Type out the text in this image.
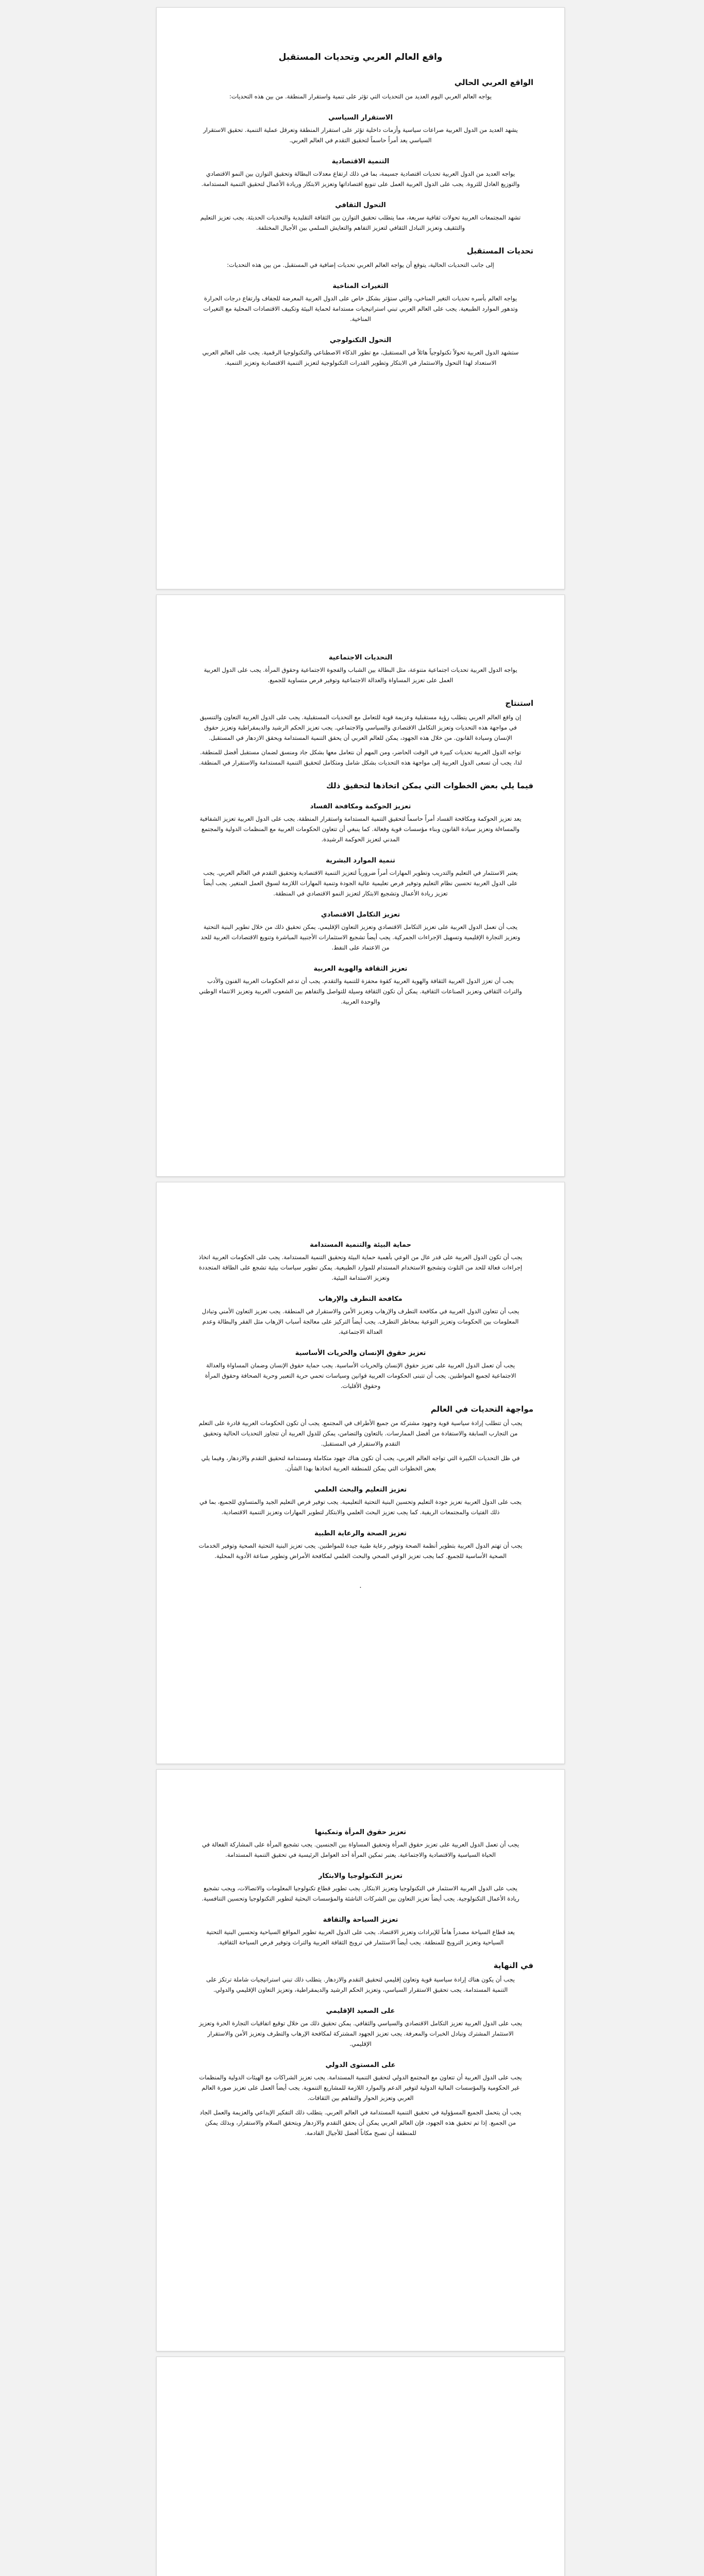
واقع العالم العربي وتحديات المستقبل
الواقع العربي الحالي
يواجه العالم العربي اليوم العديد من التحديات التي تؤثر على تنمية واستقرار المنطقة. من بين هذه التحديات:
الاستقرار السياسي
يشهد العديد من الدول العربية صراعات سياسية وأزمات داخلية تؤثر على استقرار المنطقة وتعرقل عملية التنمية. تحقيق الاستقرار السياسي يعد أمراً حاسماً لتحقيق التقدم في العالم العربي.
التنمية الاقتصادية
يواجه العديد من الدول العربية تحديات اقتصادية جسيمة، بما في ذلك ارتفاع معدلات البطالة وتحقيق التوازن بين النمو الاقتصادي والتوزيع العادل للثروة. يجب على الدول العربية العمل على تنويع اقتصاداتها وتعزيز الابتكار وريادة الأعمال لتحقيق التنمية المستدامة.
التحول الثقافي
تشهد المجتمعات العربية تحولات ثقافية سريعة، مما يتطلب تحقيق التوازن بين الثقافة التقليدية والتحديات الحديثة. يجب تعزيز التعليم والتثقيف وتعزيز التبادل الثقافي لتعزيز التفاهم والتعايش السلمي بين الأجيال المختلفة.
تحديات المستقبل
إلى جانب التحديات الحالية، يتوقع أن يواجه العالم العربي تحديات إضافية في المستقبل. من بين هذه التحديات:
التغيرات المناخية
يواجه العالم بأسره تحديات التغير المناخي، والتي ستؤثر بشكل خاص على الدول العربية المعرضة للجفاف وارتفاع درجات الحرارة وتدهور الموارد الطبيعية. يجب على العالم العربي تبني استراتيجيات مستدامة لحماية البيئة وتكييف الاقتصادات المحلية مع التغيرات المناخية.
التحول التكنولوجي
ستشهد الدول العربية تحولاً تكنولوجياً هائلاً في المستقبل، مع تطور الذكاء الاصطناعي والتكنولوجيا الرقمية. يجب على العالم العربي الاستعداد لهذا التحول والاستثمار في الابتكار وتطوير القدرات التكنولوجية لتعزيز التنمية الاقتصادية وتعزيز التنمية.
التحديات الاجتماعية
يواجه الدول العربية تحديات اجتماعية متنوعة، مثل البطالة بين الشباب والفجوة الاجتماعية وحقوق المرأة. يجب على الدول العربية العمل على تعزيز المساواة والعدالة الاجتماعية وتوفير فرص متساوية للجميع.
استنتاج
إن واقع العالم العربي يتطلب رؤية مستقبلية وعزيمة قوية للتعامل مع التحديات المستقبلية. يجب على الدول العربية التعاون والتنسيق في مواجهة هذه التحديات وتعزيز التكامل الاقتصادي والسياسي والاجتماعي. يجب تعزيز الحكم الرشيد والديمقراطية وتعزيز حقوق الإنسان وسيادة القانون. من خلال هذه الجهود، يمكن للعالم العربي أن يحقق التنمية المستدامة ويحقق الازدهار في المستقبل.
تواجه الدول العربية تحديات كبيرة في الوقت الحاضر، ومن المهم أن نتعامل معها بشكل جاد ومنسق لضمان مستقبل أفضل للمنطقة. لذا، يجب أن تسعى الدول العربية إلى مواجهة هذه التحديات بشكل شامل ومتكامل لتحقيق التنمية المستدامة والاستقرار في المنطقة.
فيما يلي بعض الخطوات التي يمكن اتخاذها لتحقيق ذلك
تعزيز الحوكمة ومكافحة الفساد
يعد تعزيز الحوكمة ومكافحة الفساد أمراً حاسماً لتحقيق التنمية المستدامة واستقرار المنطقة. يجب على الدول العربية تعزيز الشفافية والمساءلة وتعزيز سيادة القانون وبناء مؤسسات قوية وفعالة. كما ينبغي أن تتعاون الحكومات العربية مع المنظمات الدولية والمجتمع المدني لتعزيز الحوكمة الرشيدة.
تنمية الموارد البشرية
يعتبر الاستثمار في التعليم والتدريب وتطوير المهارات أمراً ضرورياً لتعزيز التنمية الاقتصادية وتحقيق التقدم في العالم العربي. يجب على الدول العربية تحسين نظام التعليم وتوفير فرص تعليمية عالية الجودة وتنمية المهارات اللازمة لسوق العمل المتغير. يجب أيضاً تعزيز ريادة الأعمال وتشجيع الابتكار لتعزيز النمو الاقتصادي في المنطقة.
تعزيز التكامل الاقتصادي
يجب أن تعمل الدول العربية على تعزيز التكامل الاقتصادي وتعزيز التعاون الإقليمي. يمكن تحقيق ذلك من خلال تطوير البنية التحتية وتعزيز التجارة الإقليمية وتسهيل الإجراءات الجمركية. يجب أيضاً تشجيع الاستثمارات الأجنبية المباشرة وتنويع الاقتصادات العربية للحد من الاعتماد على النفط.
تعزيز الثقافة والهوية العربية
يجب أن تعزز الدول العربية الثقافة والهوية العربية كقوة محفزة للتنمية والتقدم. يجب أن تدعم الحكومات العربية الفنون والأدب والتراث الثقافي وتعزيز الصناعات الثقافية. يمكن أن تكون الثقافة وسيلة للتواصل والتفاهم بين الشعوب العربية وتعزيز الانتماء الوطني والوحدة العربية.
حماية البيئة والتنمية المستدامة
يجب أن تكون الدول العربية على قدر عال من الوعي بأهمية حماية البيئة وتحقيق التنمية المستدامة. يجب على الحكومات العربية اتخاذ إجراءات فعالة للحد من التلوث وتشجيع الاستخدام المستدام للموارد الطبيعية. يمكن تطوير سياسات بيئية تشجع على الطاقة المتجددة وتعزيز الاستدامة البيئية.
مكافحة التطرف والإرهاب
يجب أن تتعاون الدول العربية في مكافحة التطرف والإرهاب وتعزيز الأمن والاستقرار في المنطقة. يجب تعزيز التعاون الأمني وتبادل المعلومات بين الحكومات وتعزيز التوعية بمخاطر التطرف. يجب أيضاً التركيز على معالجة أسباب الإرهاب مثل الفقر والبطالة وعدم العدالة الاجتماعية.
تعزيز حقوق الإنسان والحريات الأساسية
يجب أن تعمل الدول العربية على تعزيز حقوق الإنسان والحريات الأساسية. يجب حماية حقوق الإنسان وضمان المساواة والعدالة الاجتماعية لجميع المواطنين. يجب أن تتبنى الحكومات العربية قوانين وسياسات تحمي حرية التعبير وحرية الصحافة وحقوق المرأة وحقوق الأقليات.
مواجهة التحديات في العالم
يجب أن تتطلب إرادة سياسية قوية وجهود مشتركة من جميع الأطراف في المجتمع. يجب أن تكون الحكومات العربية قادرة على التعلم من التجارب السابقة والاستفادة من أفضل الممارسات. بالتعاون والتضامن، يمكن للدول العربية أن تتجاوز التحديات الحالية وتحقيق التقدم والاستقرار في المستقبل.
في ظل التحديات الكبيرة التي تواجه العالم العربي، يجب أن تكون هناك جهود متكاملة ومستدامة لتحقيق التقدم والازدهار، وفيما يلي بعض الخطوات التي يمكن للمنطقة العربية اتخاذها بهذا الشأن.
تعزيز التعليم والبحث العلمي
يجب على الدول العربية تعزيز جودة التعليم وتحسين البنية التحتية التعليمية. يجب توفير فرص التعليم الجيد والمتساوي للجميع، بما في ذلك الفتيات والمجتمعات الريفية. كما يجب تعزيز البحث العلمي والابتكار لتطوير المهارات وتعزيز التنمية الاقتصادية.
تعزيز الصحة والرعاية الطبية
يجب أن تهتم الدول العربية بتطوير أنظمة الصحة وتوفير رعاية طبية جيدة للمواطنين. يجب تعزيز البنية التحتية الصحية وتوفير الخدمات الصحية الأساسية للجميع. كما يجب تعزيز الوعي الصحي والبحث العلمي لمكافحة الأمراض وتطوير صناعة الأدوية المحلية.
.
تعزيز حقوق المرأة وتمكينها
يجب أن تعمل الدول العربية على تعزيز حقوق المرأة وتحقيق المساواة بين الجنسين. يجب تشجيع المرأة على المشاركة الفعالة في الحياة السياسية والاقتصادية والاجتماعية. يعتبر تمكين المرأة أحد العوامل الرئيسية في تحقيق التنمية المستدامة.
تعزيز التكنولوجيا والابتكار
يجب على الدول العربية الاستثمار في التكنولوجيا وتعزيز الابتكار. يجب تطوير قطاع تكنولوجيا المعلومات والاتصالات، ويجب تشجيع ريادة الأعمال التكنولوجية. يجب أيضاً تعزيز التعاون بين الشركات الناشئة والمؤسسات البحثية لتطوير التكنولوجيا وتحسين التنافسية.
تعزيز السياحة والثقافة
يعد قطاع السياحة مصدراً هاماً للإيرادات وتعزيز الاقتصاد. يجب على الدول العربية تطوير المواقع السياحية وتحسين البنية التحتية السياحية وتعزيز الترويج للمنطقة. يجب أيضاً الاستثمار في ترويج الثقافة العربية والتراث وتوفير فرص السياحة الثقافية.
في النهاية
يجب أن يكون هناك إرادة سياسية قوية وتعاون إقليمي لتحقيق التقدم والازدهار. يتطلب ذلك تبني استراتيجيات شاملة ترتكز على التنمية المستدامة. يجب تحقيق الاستقرار السياسي، وتعزيز الحكم الرشيد والديمقراطية، وتعزيز التعاون الإقليمي والدولي.
على الصعيد الإقليمي
يجب على الدول العربية تعزيز التكامل الاقتصادي والسياسي والثقافي. يمكن تحقيق ذلك من خلال توقيع اتفاقيات التجارة الحرة وتعزيز الاستثمار المشترك وتبادل الخبرات والمعرفة. يجب تعزيز الجهود المشتركة لمكافحة الإرهاب والتطرف وتعزيز الأمن والاستقرار الإقليمي.
على المستوى الدولي
يجب على الدول العربية أن تتعاون مع المجتمع الدولي لتحقيق التنمية المستدامة. يجب تعزيز الشراكات مع الهيئات الدولية والمنظمات غير الحكومية والمؤسسات المالية الدولية لتوفير الدعم والموارد اللازمة للمشاريع التنموية. يجب أيضاً العمل على تعزيز صورة العالم العربي وتعزيز الحوار والتفاهم بين الثقافات.
يجب أن يتحمل الجميع المسؤولية في تحقيق التنمية المستدامة في العالم العربي. يتطلب ذلك التفكير الإبداعي والعزيمة والعمل الجاد من الجميع. إذا تم تحقيق هذه الجهود، فإن العالم العربي يمكن أن يحقق التقدم والازدهار ويتحقق السلام والاستقرار، وبذلك يمكن للمنطقة أن تصبح مكاناً أفضل للأجيال القادمة.
